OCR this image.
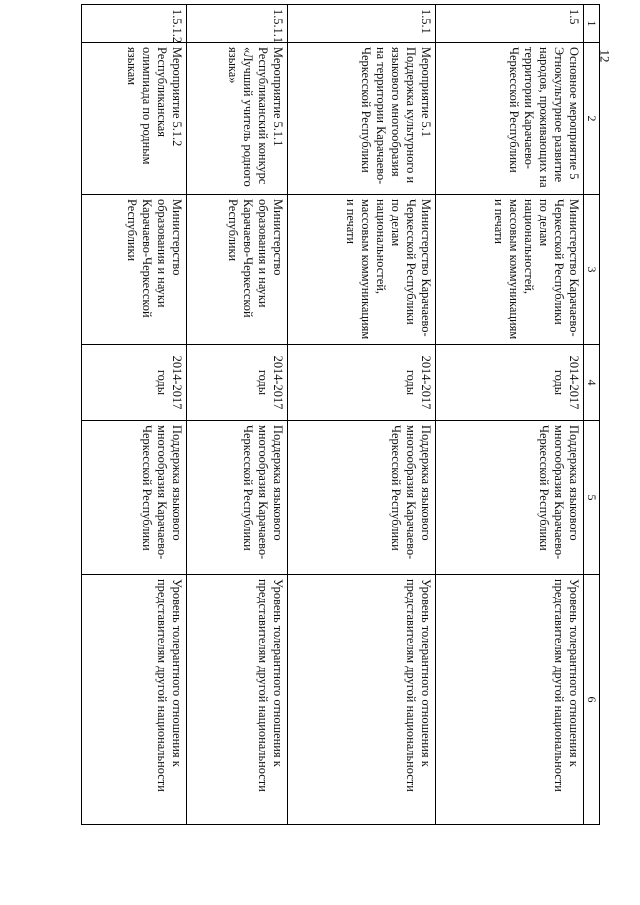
12
1	2	3	4	5	6
1.5	Основное мероприятие 5 Этнокультурное развитие народов, проживающих на территории Карачаево-Черкесской Республики	Министерство Карачаево-Черкесской Республики по делам национальностей, массовым коммуникациям и печати	2014-2017 годы	Поддержка языкового многообразия Карачаево-Черкесской Республики	Уровень толерантного отношения к представителям другой национальности
1.5.1	Мероприятие 5.1 Поддержка культурного и языкового многообразия на территории Карачаево-Черкесской Республики	Министерство Карачаево-Черкесской Республики по делам национальностей, массовым коммуникациям и печати	2014-2017 годы	Поддержка языкового многообразия Карачаево-Черкесской Республики	Уровень толерантного отношения к представителям другой национальности
1.5.1.1	Мероприятие 5.1.1 Республиканский конкурс «Лучший учитель родного языка»	Министерство образования и науки Карачаево-Черкесской Республики	2014-2017 годы	Поддержка языкового многообразия Карачаево-Черкесской Республики	Уровень толерантного отношения к представителям другой национальности
1.5.1.2	Мероприятие 5.1.2 Республиканская олимпиада по родным языкам	Министерство образования и науки Карачаево-Черкесской Республики	2014-2017 годы	Поддержка языкового многообразия Карачаево-Черкесской Республики	Уровень толерантного отношения к представителям другой национальности
